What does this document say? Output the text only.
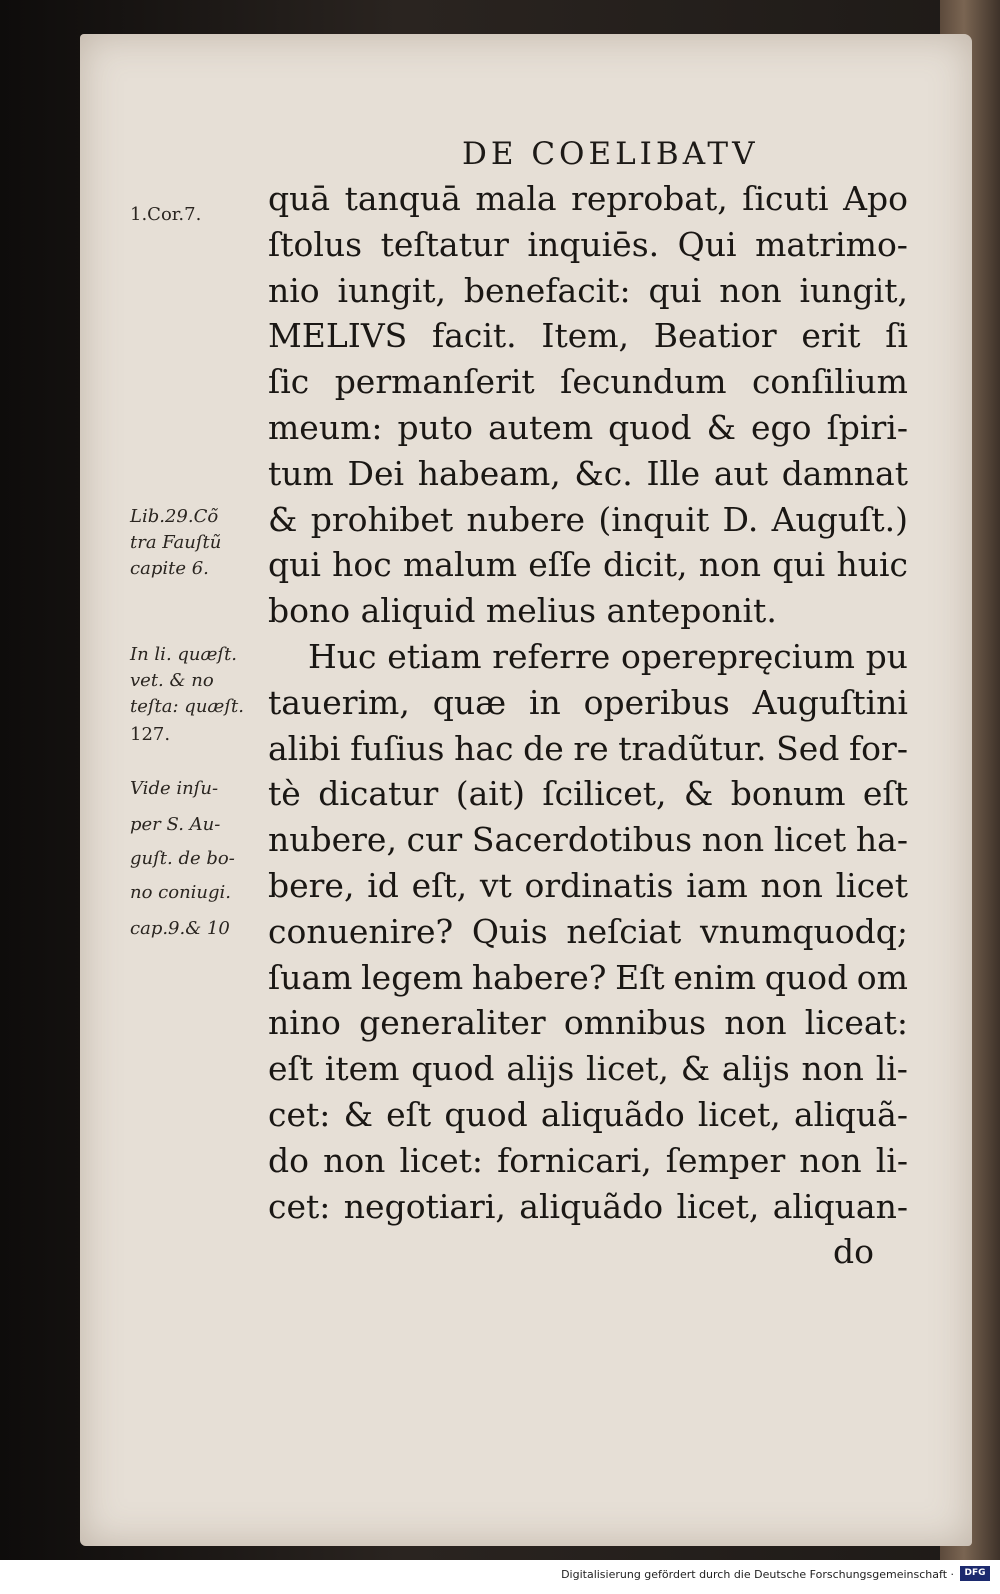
DE COELIBATV
quā tanquā mala reprobat, ſicuti Apo
ſtolus teſtatur inquiēs. Qui matrimo-
nio iungit, benefacit: qui non iungit,
MELIVS facit. Item, Beatior erit ſi
ſic permanſerit ſecundum conſilium
meum: puto autem quod & ego ſpiri-
tum Dei habeam, &c. Ille aut damnat
& prohibet nubere (inquit D. Auguſt.)
qui hoc malum eſſe dicit, non qui huic
bono aliquid melius anteponit.
Huc etiam referre operepręcium pu
tauerim, quæ in operibus Auguſtini
alibi fuſius hac de re tradũtur. Sed for-
tè dicatur (ait) ſcilicet, & bonum eſt
nubere, cur Sacerdotibus non licet ha-
bere, id eſt, vt ordinatis iam non licet
conuenire? Quis neſciat vnumquodq;
ſuam legem habere? Eſt enim quod om
nino generaliter omnibus non liceat:
eſt item quod alijs licet, & alijs non li-
cet: & eſt quod aliquãdo licet, aliquã-
do non licet: fornicari, ſemper non li-
cet: negotiari, aliquãdo licet, aliquan-
do
1.Cor.7.
Lib.29.Cõ
tra Fauſtũ
capite 6.
In li. quæſt.
vet. & no
teſta: quæſt.
127.
Vide inſu-
per S. Au-
guſt. de bo-
no coniugi.
cap.9.& 10
Digitalisierung gefördert durch die Deutsche Forschungsgemeinschaft ·	DFG
